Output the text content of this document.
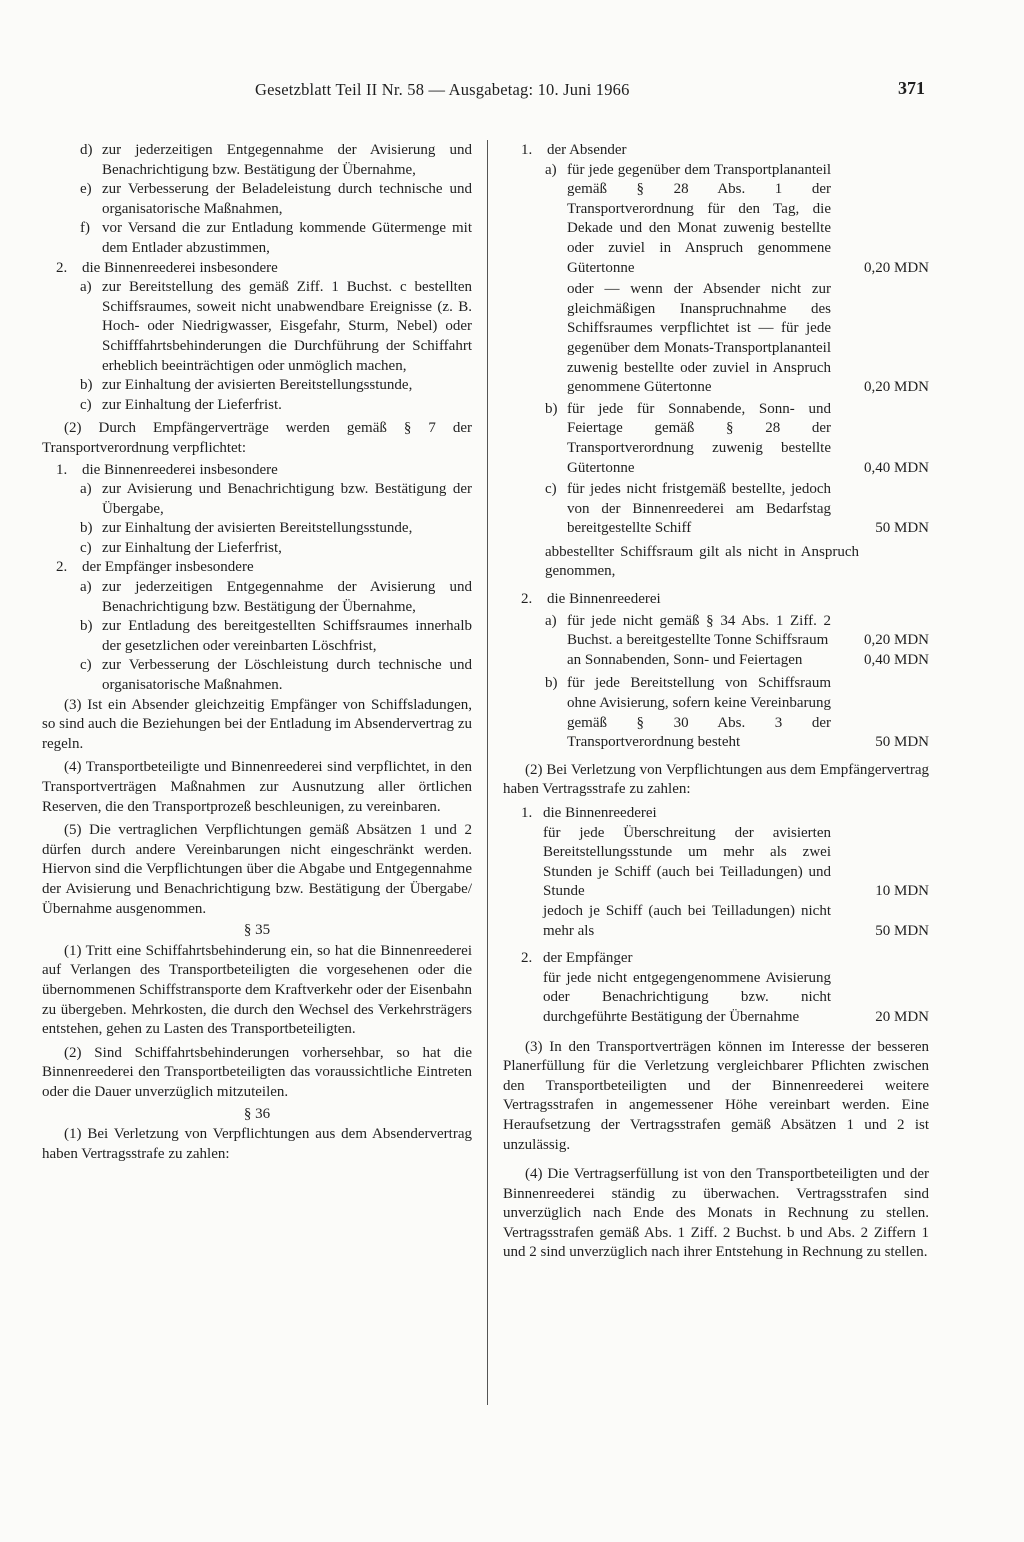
Gesetzblatt Teil II Nr. 58 — Ausgabetag: 10. Juni 1966	371
d) zur jederzeitigen Entgegennahme der Avisierung und Benachrichtigung bzw. Bestätigung der Übernahme,
e) zur Verbesserung der Beladeleistung durch technische und organisatorische Maßnahmen,
f) vor Versand die zur Entladung kommende Gütermenge mit dem Entlader abzustimmen,
2. die Binnenreederei insbesondere
a) zur Bereitstellung des gemäß Ziff. 1 Buchst. c bestellten Schiffsraumes, soweit nicht unabwendbare Ereignisse (z. B. Hoch- oder Niedrigwasser, Eisgefahr, Sturm, Nebel) oder Schifffahrtsbehinderungen die Durchführung der Schiffahrt erheblich beeinträchtigen oder unmöglich machen,
b) zur Einhaltung der avisierten Bereitstellungsstunde,
c) zur Einhaltung der Lieferfrist.

(2) Durch Empfängerverträge werden gemäß § 7 der Transportverordnung verpflichtet:

1. die Binnenreederei insbesondere
a) zur Avisierung und Benachrichtigung bzw. Bestätigung der Übergabe,
b) zur Einhaltung der avisierten Bereitstellungsstunde,
c) zur Einhaltung der Lieferfrist,
2. der Empfänger insbesondere
a) zur jederzeitigen Entgegennahme der Avisierung und Benachrichtigung bzw. Bestätigung der Übernahme,
b) zur Entladung des bereitgestellten Schiffsraumes innerhalb der gesetzlichen oder vereinbarten Löschfrist,
c) zur Verbesserung der Löschleistung durch technische und organisatorische Maßnahmen.

(3) Ist ein Absender gleichzeitig Empfänger von Schiffsladungen, so sind auch die Beziehungen bei der Entladung im Absendervertrag zu regeln.

(4) Transportbeteiligte und Binnenreederei sind verpflichtet, in den Transportverträgen Maßnahmen zur Ausnutzung aller örtlichen Reserven, die den Transportprozeß beschleunigen, zu vereinbaren.

(5) Die vertraglichen Verpflichtungen gemäß Absätzen 1 und 2 dürfen durch andere Vereinbarungen nicht eingeschränkt werden. Hiervon sind die Verpflichtungen über die Abgabe und Entgegennahme der Avisierung und Benachrichtigung bzw. Bestätigung der Übergabe/Übernahme ausgenommen.

§ 35

(1) Tritt eine Schiffahrtsbehinderung ein, so hat die Binnenreederei auf Verlangen des Transportbeteiligten die vorgesehenen oder die übernommenen Schiffstransporte dem Kraftverkehr oder der Eisenbahn zu übergeben. Mehrkosten, die durch den Wechsel des Verkehrsträgers entstehen, gehen zu Lasten des Transportbeteiligten.

(2) Sind Schiffahrtsbehinderungen vorhersehbar, so hat die Binnenreederei den Transportbeteiligten das voraussichtliche Eintreten oder die Dauer unverzüglich mitzuteilen.

§ 36

(1) Bei Verletzung von Verpflichtungen aus dem Absendervertrag haben Vertragsstrafe zu zahlen:

1. der Absender
a) für jede gegenüber dem Transportplananteil gemäß § 28 Abs. 1 der Transportverordnung für den Tag, die Dekade und den Monat zuwenig bestellte oder zuviel in Anspruch genommene Gütertonne	0,20 MDN
oder — wenn der Absender nicht zur gleichmäßigen Inanspruchnahme des Schiffsraumes verpflichtet ist — für jede gegenüber dem Monats-Transportplananteil zuwenig bestellte oder zuviel in Anspruch genommene Gütertonne	0,20 MDN
b) für jede für Sonnabende, Sonn- und Feiertage gemäß § 28 der Transportverordnung zuwenig bestellte Gütertonne	0,40 MDN
c) für jedes nicht fristgemäß bestellte, jedoch von der Binnenreederei am Bedarfstag bereitgestellte Schiff	50 MDN

abbestellter Schiffsraum gilt als nicht in Anspruch genommen,

2. die Binnenreederei
a) für jede nicht gemäß § 34 Abs. 1 Ziff. 2 Buchst. a bereitgestellte Tonne Schiffsraum	0,20 MDN
an Sonnabenden, Sonn- und Feiertagen	0,40 MDN
b) für jede Bereitstellung von Schiffsraum ohne Avisierung, sofern keine Vereinbarung gemäß § 30 Abs. 3 der Transportverordnung besteht	50 MDN

(2) Bei Verletzung von Verpflichtungen aus dem Empfängervertrag haben Vertragsstrafe zu zahlen:

1. die Binnenreederei
für jede Überschreitung der avisierten Bereitstellungsstunde um mehr als zwei Stunden je Schiff (auch bei Teilladungen) und Stunde	10 MDN
jedoch je Schiff (auch bei Teilladungen) nicht mehr als	50 MDN
2. der Empfänger
für jede nicht entgegengenommene Avisierung oder Benachrichtigung bzw. nicht durchgeführte Bestätigung der Übernahme	20 MDN

(3) In den Transportverträgen können im Interesse der besseren Planerfüllung für die Verletzung vergleichbarer Pflichten zwischen den Transportbeteiligten und der Binnenreederei weitere Vertragsstrafen in angemessener Höhe vereinbart werden. Eine Heraufsetzung der Vertragsstrafen gemäß Absätzen 1 und 2 ist unzulässig.

(4) Die Vertragserfüllung ist von den Transportbeteiligten und der Binnenreederei ständig zu überwachen. Vertragsstrafen sind unverzüglich nach Ende des Monats in Rechnung zu stellen. Vertragsstrafen gemäß Abs. 1 Ziff. 2 Buchst. b und Abs. 2 Ziffern 1 und 2 sind unverzüglich nach ihrer Entstehung in Rechnung zu stellen.
